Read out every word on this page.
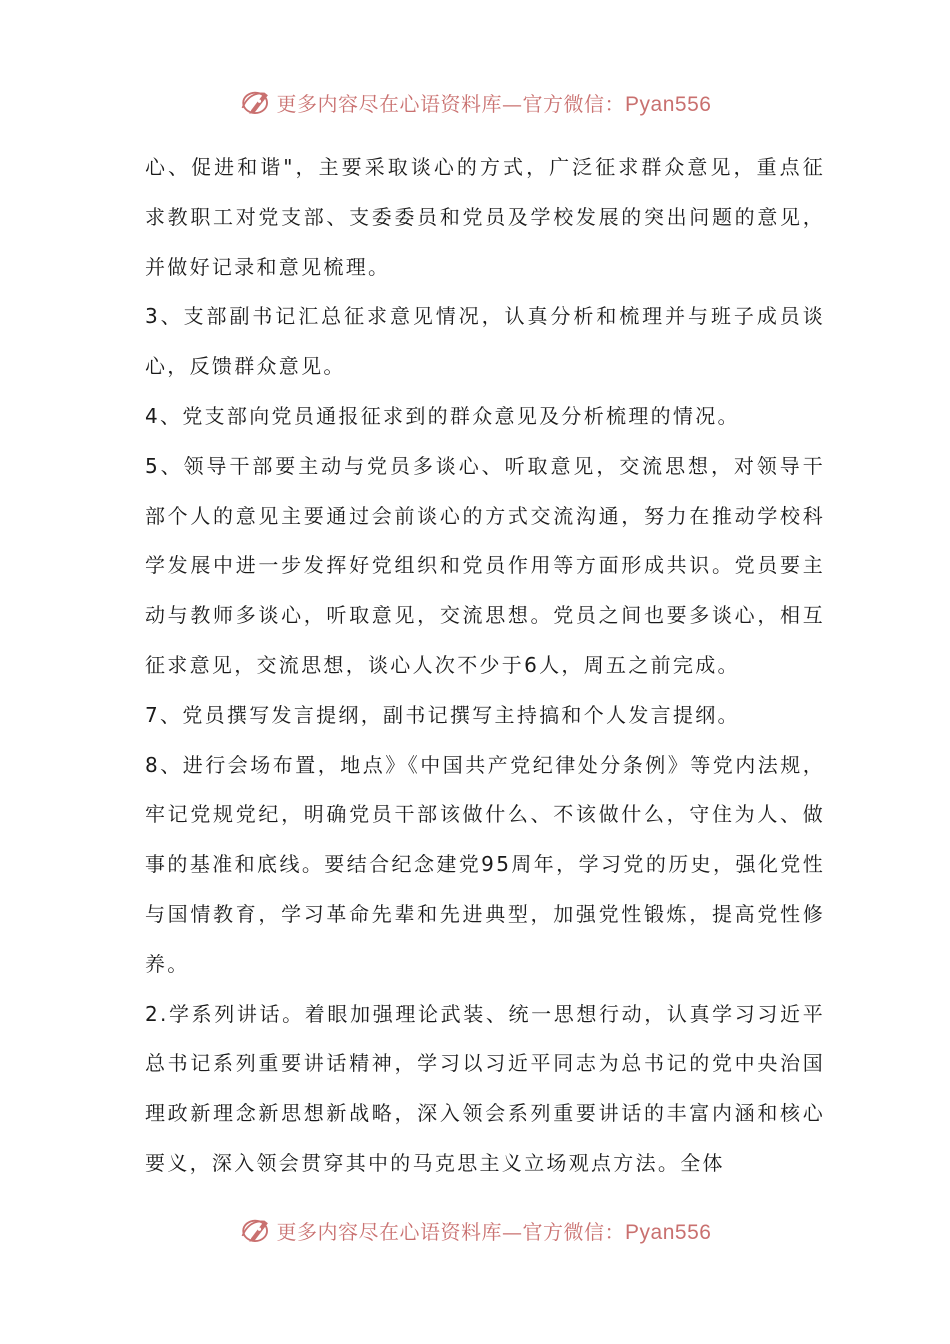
更多内容尽在心语资料库—官方微信：Pyan556

心、促进和谐"，主要采取谈心的方式，广泛征求群众意见，重点征求教职工对党支部、支委委员和党员及学校发展的突出问题的意见，并做好记录和意见梳理。

3、支部副书记汇总征求意见情况，认真分析和梳理并与班子成员谈心，反馈群众意见。

4、党支部向党员通报征求到的群众意见及分析梳理的情况。

5、领导干部要主动与党员多谈心、听取意见，交流思想，对领导干部个人的意见主要通过会前谈心的方式交流沟通，努力在推动学校科学发展中进一步发挥好党组织和党员作用等方面形成共识。党员要主动与教师多谈心，听取意见，交流思想。党员之间也要多谈心，相互征求意见，交流思想，谈心人次不少于6人，周五之前完成。

7、党员撰写发言提纲，副书记撰写主持搞和个人发言提纲。

8、进行会场布置，地点》《中国共产党纪律处分条例》等党内法规，牢记党规党纪，明确党员干部该做什么、不该做什么，守住为人、做事的基准和底线。要结合纪念建党95周年，学习党的历史，强化党性与国情教育，学习革命先辈和先进典型，加强党性锻炼，提高党性修养。

2.学系列讲话。着眼加强理论武装、统一思想行动，认真学习习近平总书记系列重要讲话精神，学习以习近平同志为总书记的党中央治国理政新理念新思想新战略，深入领会系列重要讲话的丰富内涵和核心要义，深入领会贯穿其中的马克思主义立场观点方法。全体

更多内容尽在心语资料库—官方微信：Pyan556
